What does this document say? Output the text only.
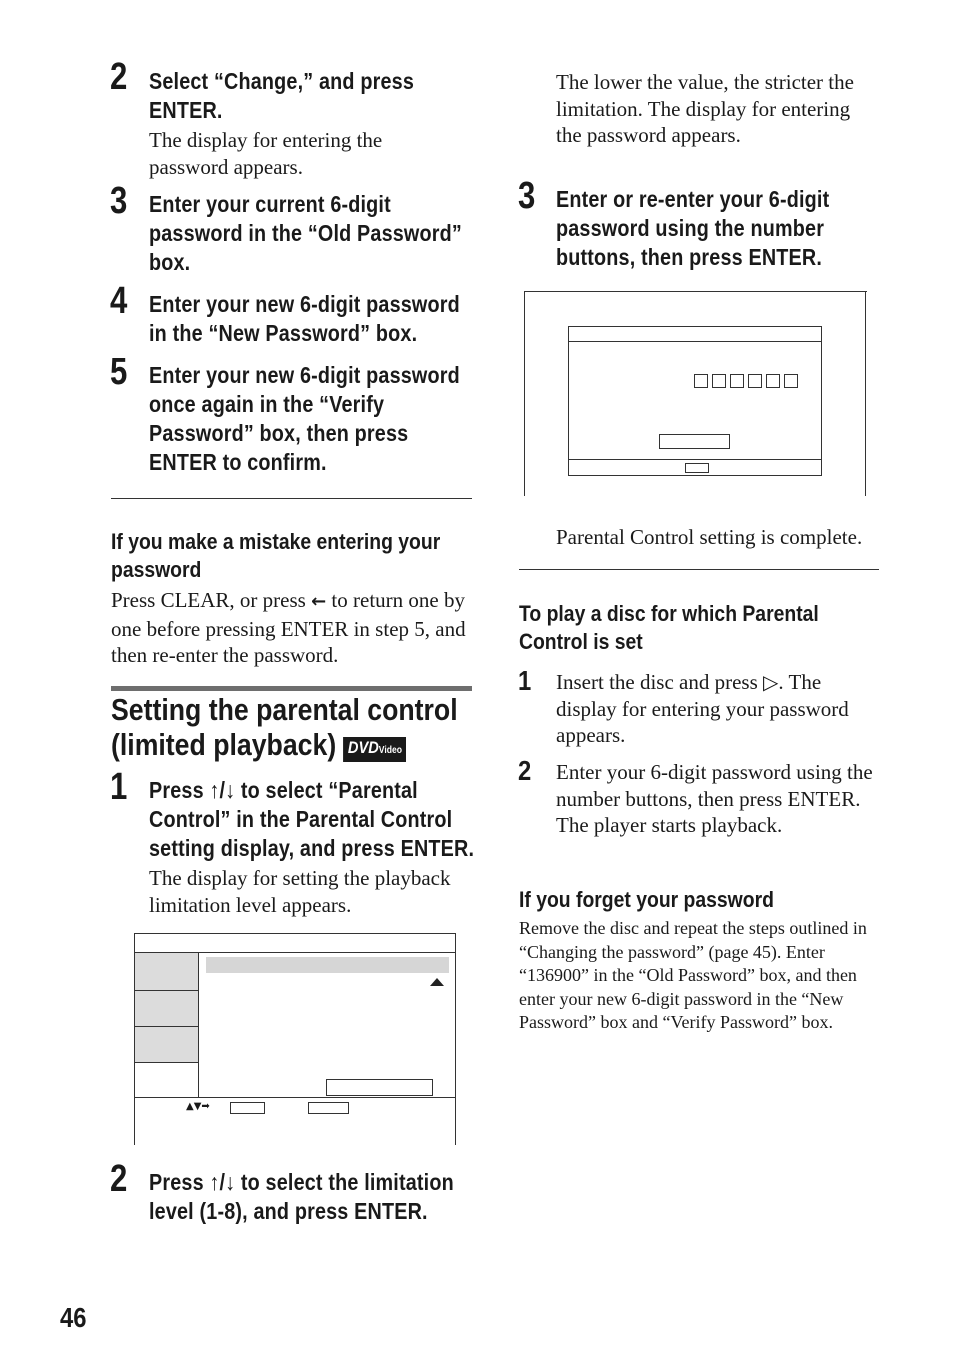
2 Select “Change,” and press ENTER.
The display for entering the password appears.
3 Enter your current 6-digit password in the “Old Password” box.
4 Enter your new 6-digit password in the “New Password” box.
5 Enter your new 6-digit password once again in the “Verify Password” box, then press ENTER to confirm.
If you make a mistake entering your password
Press CLEAR, or press ← to return one by one before pressing ENTER in step 5, and then re-enter the password.
Setting the parental control
(limited playback) DVDVideo
1 Press ↑/↓ to select “Parental Control” in the Parental Control setting display, and press ENTER.
The display for setting the playback limitation level appears.
▲▼➡
2 Press ↑/↓ to select the limitation level (1-8), and press ENTER.
The lower the value, the stricter the limitation. The display for entering the password appears.
3 Enter or re-enter your 6-digit password using the number buttons, then press ENTER.
Parental Control setting is complete.
To play a disc for which Parental Control is set
1 Insert the disc and press ▷. The display for entering your password appears.
2 Enter your 6-digit password using the number buttons, then press ENTER. The player starts playback.
If you forget your password
Remove the disc and repeat the steps outlined in “Changing the password” (page 45). Enter “136900” in the “Old Password” box, and then enter your new 6-digit password in the “New Password” box and “Verify Password” box.
46
